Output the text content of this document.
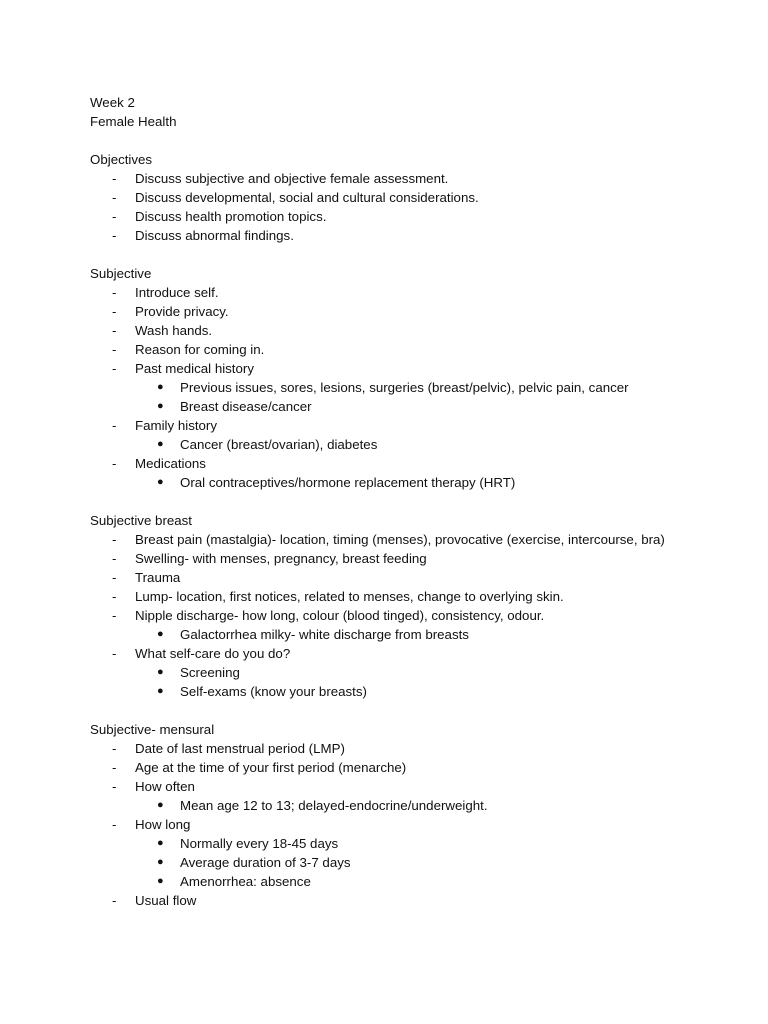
Week 2
Female Health
Objectives
- Discuss subjective and objective female assessment.
- Discuss developmental, social and cultural considerations.
- Discuss health promotion topics.
- Discuss abnormal findings.
Subjective
- Introduce self.
- Provide privacy.
- Wash hands.
- Reason for coming in.
- Past medical history
● Previous issues, sores, lesions, surgeries (breast/pelvic), pelvic pain, cancer
● Breast disease/cancer
- Family history
● Cancer (breast/ovarian), diabetes
- Medications
● Oral contraceptives/hormone replacement therapy (HRT)
Subjective breast
- Breast pain (mastalgia)- location, timing (menses), provocative (exercise, intercourse, bra)
- Swelling- with menses, pregnancy, breast feeding
- Trauma
- Lump- location, first notices, related to menses, change to overlying skin.
- Nipple discharge- how long, colour (blood tinged), consistency, odour.
● Galactorrhea milky- white discharge from breasts
- What self-care do you do?
● Screening
● Self-exams (know your breasts)
Subjective- mensural
- Date of last menstrual period (LMP)
- Age at the time of your first period (menarche)
- How often
● Mean age 12 to 13; delayed-endocrine/underweight.
- How long
● Normally every 18-45 days
● Average duration of 3-7 days
● Amenorrhea: absence
- Usual flow
